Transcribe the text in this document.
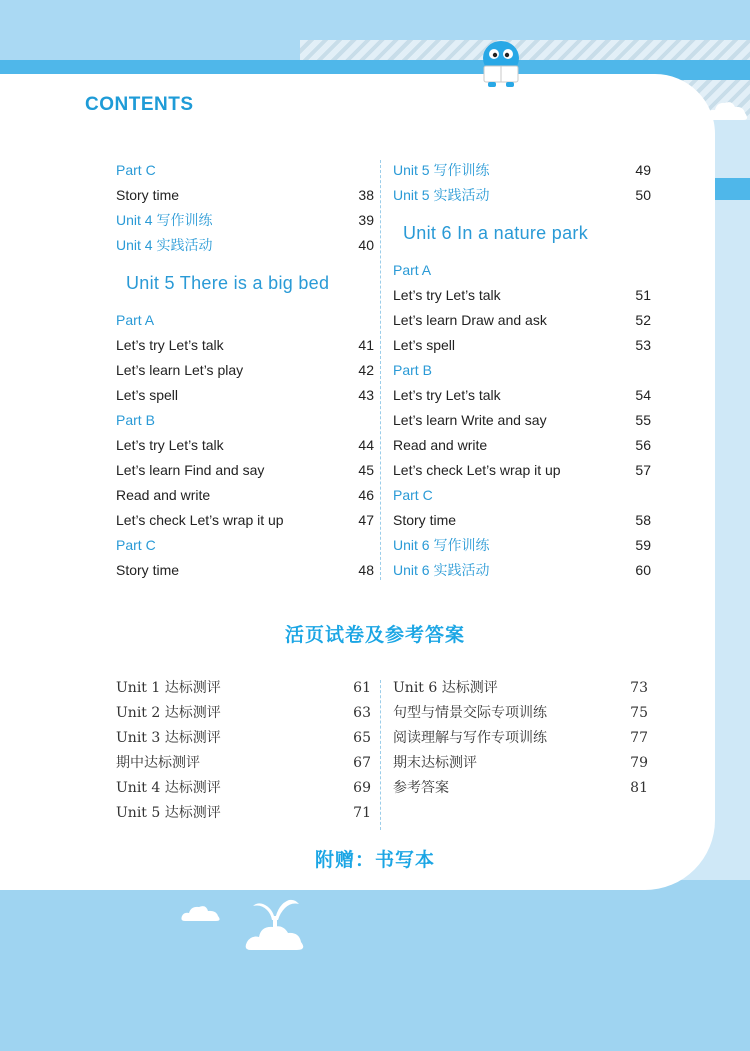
CONTENTS
Part C
Story time	38
Unit 4 写作训练	39
Unit 4 实践活动	40
Unit 5 There is a big bed
Part A
Let’s try Let’s talk	41
Let’s learn Let’s play	42
Let’s spell	43
Part B
Let’s try Let’s talk	44
Let’s learn Find and say	45
Read and write	46
Let’s check Let’s wrap it up	47
Part C
Story time	48
Unit 5 写作训练	49
Unit 5 实践活动	50
Unit 6 In a nature park
Part A
Let’s try Let’s talk	51
Let’s learn Draw and ask	52
Let’s spell	53
Part B
Let’s try Let’s talk	54
Let’s learn Write and say	55
Read and write	56
Let’s check Let’s wrap it up	57
Part C
Story time	58
Unit 6 写作训练	59
Unit 6 实践活动	60
活页试卷及参考答案
Unit 1 达标测评	61
Unit 2 达标测评	63
Unit 3 达标测评	65
期中达标测评	67
Unit 4 达标测评	69
Unit 5 达标测评	71
Unit 6 达标测评	73
句型与情景交际专项训练	75
阅读理解与写作专项训练	77
期末达标测评	79
参考答案	81
附赠：书写本
